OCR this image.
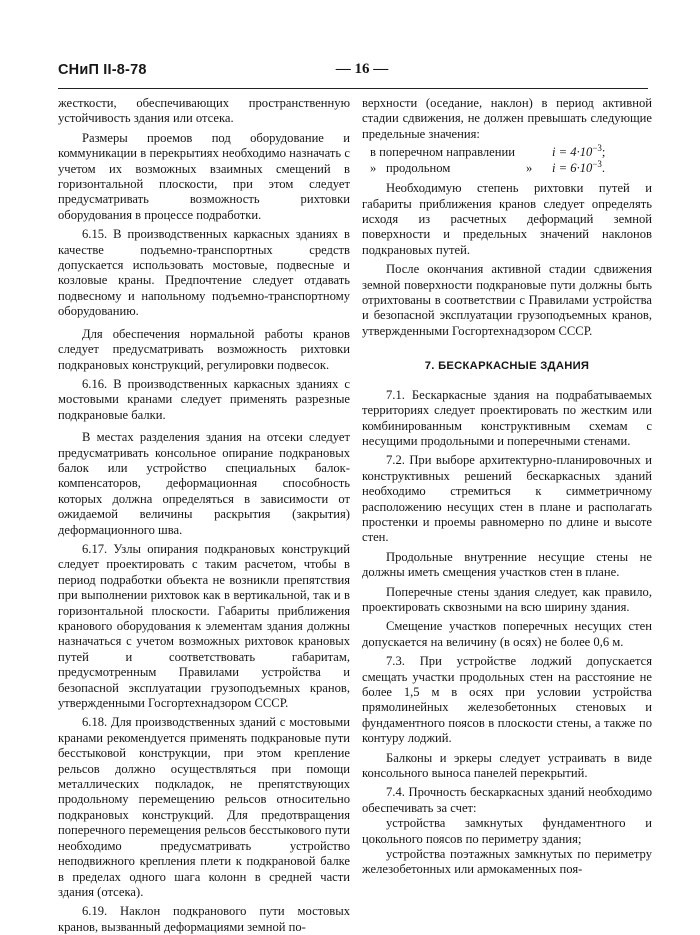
СНиП II-8-78	— 16 —

жесткости, обеспечивающих пространственную устойчивость здания или отсека.

Размеры проемов под оборудование и коммуникации в перекрытиях необходимо назначать с учетом их возможных взаимных смещений в горизонтальной плоскости, при этом следует предусматривать возможность рихтовки оборудования в процессе подработки.

6.15. В производственных каркасных зданиях в качестве подъемно-транспортных средств допускается использовать мостовые, подвесные и козловые краны. Предпочтение следует отдавать подвесному и напольному подъемно-транспортному оборудованию.

Для обеспечения нормальной работы кранов следует предусматривать возможность рихтовки подкрановых конструкций, регулировки подвесок.

6.16. В производственных каркасных зданиях с мостовыми кранами следует применять разрезные подкрановые балки.

В местах разделения здания на отсеки следует предусматривать консольное опирание подкрановых балок или устройство специальных балок-компенсаторов, деформационная способность которых должна определяться в зависимости от ожидаемой величины раскрытия (закрытия) деформационного шва.

6.17. Узлы опирания подкрановых конструкций следует проектировать с таким расчетом, чтобы в период подработки объекта не возникли препятствия при выполнении рихтовок как в вертикальной, так и в горизонтальной плоскости. Габариты приближения кранового оборудования к элементам здания должны назначаться с учетом возможных рихтовок крановых путей и соответствовать габаритам, предусмотренным Правилами устройства и безопасной эксплуатации грузоподъемных кранов, утвержденными Госгортехнадзором СССР.

6.18. Для производственных зданий с мостовыми кранами рекомендуется применять подкрановые пути бесстыковой конструкции, при этом крепление рельсов должно осуществляться при помощи металлических подкладок, не препятствующих продольному перемещению рельсов относительно подкрановых конструкций. Для предотвращения поперечного перемещения рельсов бесстыкового пути необходимо предусматривать устройство неподвижного крепления плети к подкрановой балке в пределах одного шага колонн в средней части здания (отсека).

6.19. Наклон подкранового пути мостовых кранов, вызванный деформациями земной по-

верхности (оседание, наклон) в период активной стадии сдвижения, не должен превышать следующие предельные значения:

в поперечном направлении	$i = 4\cdot 10^{-3}$;
» продольном	» $i = 6\cdot 10^{-3}$.

Необходимую степень рихтовки путей и габариты приближения кранов следует определять исходя из расчетных деформаций земной поверхности и предельных значений наклонов подкрановых путей.

После окончания активной стадии сдвижения земной поверхности подкрановые пути должны быть отрихтованы в соответствии с Правилами устройства и безопасной эксплуатации грузоподъемных кранов, утвержденными Госгортехнадзором СССР.

7. БЕСКАРКАСНЫЕ ЗДАНИЯ

7.1. Бескаркасные здания на подрабатываемых территориях следует проектировать по жестким или комбинированным конструктивным схемам с несущими продольными и поперечными стенами.

7.2. При выборе архитектурно-планировочных и конструктивных решений бескаркасных зданий необходимо стремиться к симметричному расположению несущих стен в плане и располагать простенки и проемы равномерно по длине и высоте стен.

Продольные внутренние несущие стены не должны иметь смещения участков стен в плане.

Поперечные стены здания следует, как правило, проектировать сквозными на всю ширину здания.

Смещение участков поперечных несущих стен допускается на величину (в осях) не более 0,6 м.

7.3. При устройстве лоджий допускается смещать участки продольных стен на расстояние не более 1,5 м в осях при условии устройства прямолинейных железобетонных стеновых и фундаментного поясов в плоскости стены, а также по контуру лоджий.

Балконы и эркеры следует устраивать в виде консольного выноса панелей перекрытий.

7.4. Прочность бескаркасных зданий необходимо обеспечивать за счет:

устройства замкнутых фундаментного и цокольного поясов по периметру здания;

устройства поэтажных замкнутых по периметру железобетонных или армокаменных поя-
